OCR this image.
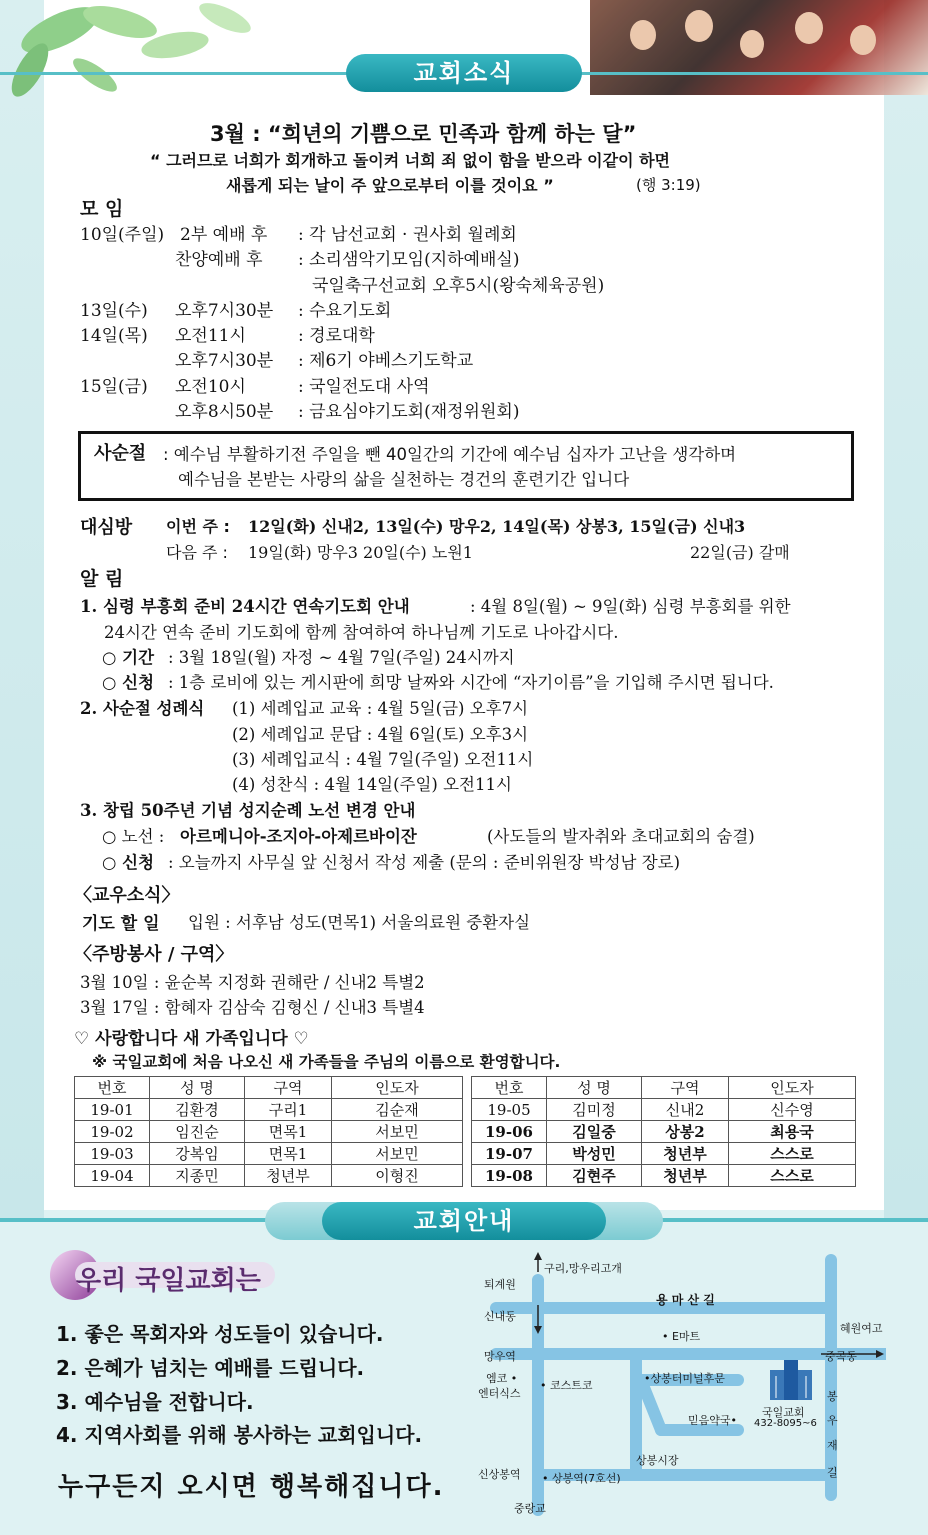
교회소식
3월 : “희년의 기쁨으로 민족과 함께 하는 달”
“ 그러므로 너희가 회개하고 돌이켜 너희 죄 없이 함을 받으라 이같이 하면
새롭게 되는 날이 주 앞으로부터 이를 것이요 ”	(행 3:19)
모 임
10일(주일) 2부 예배 후 : 각 남선교회 · 권사회 월례회
찬양예배 후 : 소리샘악기모임(지하예배실)
국일축구선교회 오후5시(왕숙체육공원)
13일(수) 오후7시30분 : 수요기도회
14일(목) 오전11시	: 경로대학
오후7시30분 : 제6기 야베스기도학교
15일(금) 오전10시	: 국일전도대 사역
오후8시50분 : 금요심야기도회(재정위원회)
사순절 : 예수님 부활하기전 주일을 뺀 40일간의 기간에 예수님 십자가 고난을 생각하며
예수님을 본받는 사랑의 삶을 실천하는 경건의 훈련기간 입니다
대심방 이번 주 : 12일(화) 신내2, 13일(수) 망우2, 14일(목) 상봉3, 15일(금) 신내3
다음 주 : 19일(화) 망우3 20일(수) 노원1	22일(금) 갈매
알 림
1. 심령 부흥회 준비 24시간 연속기도회 안내	: 4월 8일(월) ~ 9일(화) 심령 부흥회를 위한
24시간 연속 준비 기도회에 함께 참여하여 하나님께 기도로 나아갑시다.
○ 기간 : 3월 18일(월) 자정 ~ 4월 7일(주일) 24시까지
○ 신청 : 1층 로비에 있는 게시판에 희망 날짜와 시간에 “자기이름”을 기입해 주시면 됩니다.
2. 사순절 성례식 (1) 세례입교 교육 : 4월 5일(금) 오후7시
(2) 세례입교 문답 : 4월 6일(토) 오후3시
(3) 세례입교식 : 4월 7일(주일) 오전11시
(4) 성찬식 : 4월 14일(주일) 오전11시
3. 창립 50주년 기념 성지순례 노선 변경 안내
○ 노선 : 아르메니아-조지아-아제르바이잔	(사도들의 발자취와 초대교회의 숨결)
○ 신청 : 오늘까지 사무실 앞 신청서 작성 제출 (문의 : 준비위원장 박성남 장로)
〈교우소식〉
기도 할 일 입원 : 서후남 성도(면목1) 서울의료원 중환자실
〈주방봉사 / 구역〉
3월 10일 : 윤순복 지정화 권해란 / 신내2 특별2
3월 17일 : 함혜자 김삼숙 김형신 / 신내3 특별4
♡ 사랑합니다 새 가족입니다 ♡
※ 국일교회에 처음 나오신 새 가족들을 주님의 이름으로 환영합니다.
번호	성 명	구역	인도자		번호	성 명	구역	인도자
19-01	김환경	구리1	김순재		19-05	김미정	신내2	신수영
19-02	임진순	면목1	서보민		19-06	김일중	상봉2	최용국
19-03	강복임	면목1	서보민		19-07	박성민	청년부	스스로
19-04	지종민	청년부	이형진		19-08	김현주	청년부	스스로
교회안내
우리 국일교회는
1. 좋은 목회자와 성도들이 있습니다.
2. 은혜가 넘치는 예배를 드립니다.
3. 예수님을 전합니다.
4. 지역사회를 위해 봉사하는 교회입니다.
누구든지 오시면 행복해집니다.
구리,망우리고개
퇴계원
용 마 산 길
신내동
• E마트
혜원여고
망우역	중곡동
엠코 •
엔터식스
• 코스트코
•상봉터미널후문
믿음약국•
국일교회
432-8095~6
봉
우
재
길
상봉시장
신상봉역 • 상봉역(7호선)
중랑교
